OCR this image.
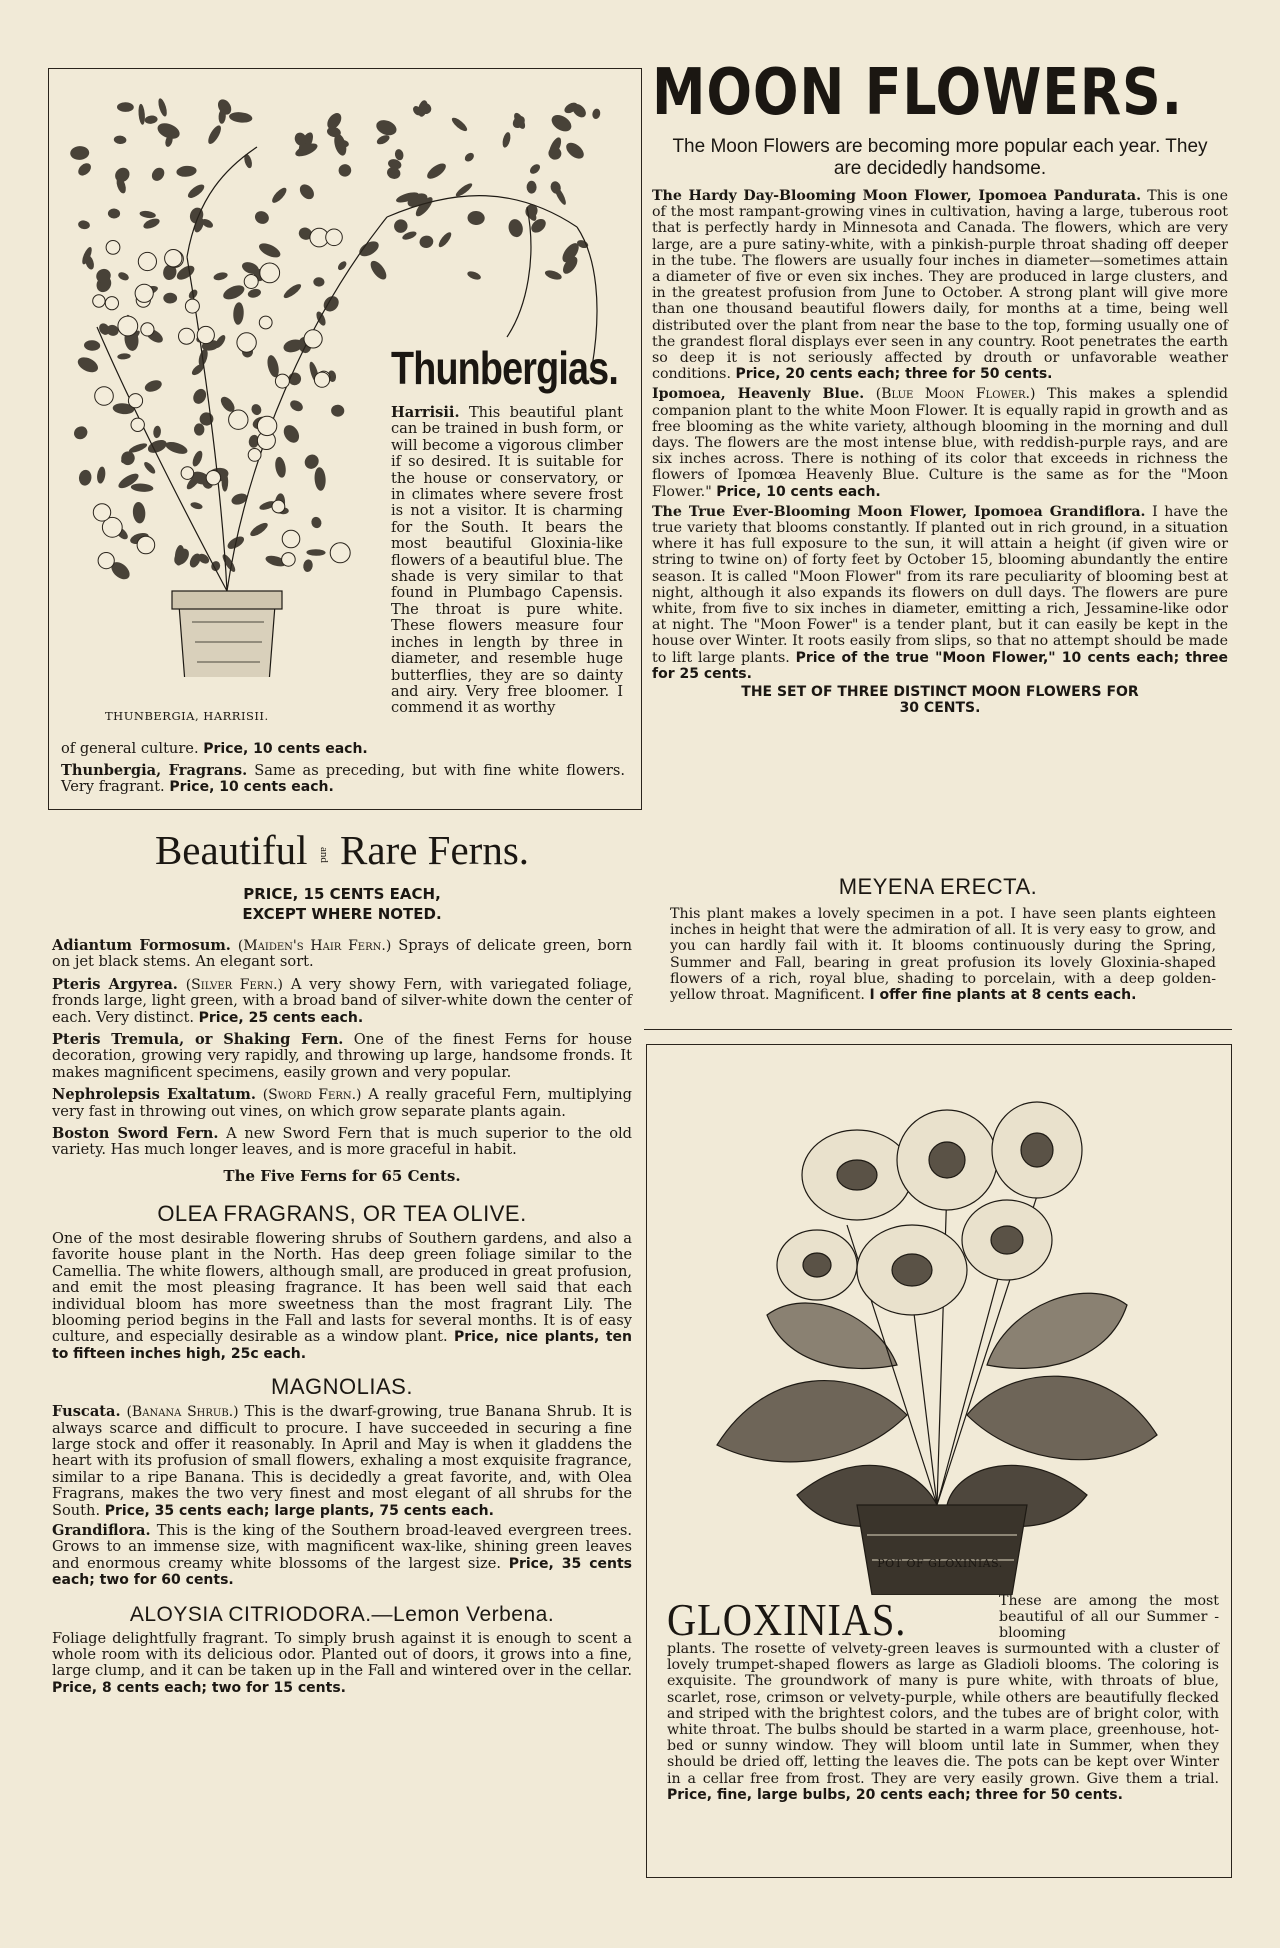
Thunbergias.

Harrisii. This beautiful plant can be trained in bush form, or will become a vigorous climber if so desired. It is suitable for the house or conservatory, or in climates where severe frost is not a visitor. It is charming for the South. It bears the most beautiful Gloxinia-like flowers of a beautiful blue. The shade is very similar to that found in Plumbago Capensis. The throat is pure white. These flowers measure four inches in length by three in diameter, and resemble huge butterflies, they are so dainty and airy. Very free bloomer. I commend it as worthy

THUNBERGIA, HARRISII.

of general culture. Price, 10 cents each.

Thunbergia, Fragrans. Same as preceding, but with fine white flowers. Very fragrant. Price, 10 cents each.

Beautiful and Rare Ferns.
PRICE, 15 CENTS EACH,
EXCEPT WHERE NOTED.

Adiantum Formosum. (Maiden's Hair Fern.) Sprays of delicate green, born on jet black stems. An elegant sort.

Pteris Argyrea. (Silver Fern.) A very showy Fern, with variegated foliage, fronds large, light green, with a broad band of silver-white down the center of each. Very distinct. Price, 25 cents each.

Pteris Tremula, or Shaking Fern. One of the finest Ferns for house decoration, growing very rapidly, and throwing up large, handsome fronds. It makes magnificent specimens, easily grown and very popular.

Nephrolepsis Exaltatum. (Sword Fern.) A really graceful Fern, multiplying very fast in throwing out vines, on which grow separate plants again.

Boston Sword Fern. A new Sword Fern that is much superior to the old variety. Has much longer leaves, and is more graceful in habit.

The Five Ferns for 65 Cents.
OLEA FRAGRANS, OR TEA OLIVE.

One of the most desirable flowering shrubs of Southern gardens, and also a favorite house plant in the North. Has deep green foliage similar to the Camellia. The white flowers, although small, are produced in great profusion, and emit the most pleasing fragrance. It has been well said that each individual bloom has more sweetness than the most fragrant Lily. The blooming period begins in the Fall and lasts for several months. It is of easy culture, and especially desirable as a window plant. Price, nice plants, ten to fifteen inches high, 25c each.

MAGNOLIAS.

Fuscata. (Banana Shrub.) This is the dwarf-growing, true Banana Shrub. It is always scarce and difficult to procure. I have succeeded in securing a fine large stock and offer it reasonably. In April and May is when it gladdens the heart with its profusion of small flowers, exhaling a most exquisite fragrance, similar to a ripe Banana. This is decidedly a great favorite, and, with Olea Fragrans, makes the two very finest and most elegant of all shrubs for the South. Price, 35 cents each; large plants, 75 cents each.

Grandiflora. This is the king of the Southern broad-leaved evergreen trees. Grows to an immense size, with magnificent wax-like, shining green leaves and enormous creamy white blossoms of the largest size. Price, 35 cents each; two for 60 cents.

ALOYSIA CITRIODORA.—Lemon Verbena.

Foliage delightfully fragrant. To simply brush against it is enough to scent a whole room with its delicious odor. Planted out of doors, it grows into a fine, large clump, and it can be taken up in the Fall and wintered over in the cellar. Price, 8 cents each; two for 15 cents.

MOON FLOWERS.
The Moon Flowers are becoming more popular each year. They are decidedly handsome.

The Hardy Day-Blooming Moon Flower, Ipomoea Pandurata. This is one of the most rampant-growing vines in cultivation, having a large, tuberous root that is perfectly hardy in Minnesota and Canada. The flowers, which are very large, are a pure satiny-white, with a pinkish-purple throat shading off deeper in the tube. The flowers are usually four inches in diameter—sometimes attain a diameter of five or even six inches. They are produced in large clusters, and in the greatest profusion from June to October. A strong plant will give more than one thousand beautiful flowers daily, for months at a time, being well distributed over the plant from near the base to the top, forming usually one of the grandest floral displays ever seen in any country. Root penetrates the earth so deep it is not seriously affected by drouth or unfavorable weather conditions. Price, 20 cents each; three for 50 cents.

Ipomoea, Heavenly Blue. (Blue Moon Flower.) This makes a splendid companion plant to the white Moon Flower. It is equally rapid in growth and as free blooming as the white variety, although blooming in the morning and dull days. The flowers are the most intense blue, with reddish-purple rays, and are six inches across. There is nothing of its color that exceeds in richness the flowers of Ipomœa Heavenly Blue. Culture is the same as for the "Moon Flower." Price, 10 cents each.

The True Ever-Blooming Moon Flower, Ipomoea Grandiflora. I have the true variety that blooms constantly. If planted out in rich ground, in a situation where it has full exposure to the sun, it will attain a height (if given wire or string to twine on) of forty feet by October 15, blooming abundantly the entire season. It is called "Moon Flower" from its rare peculiarity of blooming best at night, although it also expands its flowers on dull days. The flowers are pure white, from five to six inches in diameter, emitting a rich, Jessamine-like odor at night. The "Moon Fower" is a tender plant, but it can easily be kept in the house over Winter. It roots easily from slips, so that no attempt should be made to lift large plants. Price of the true "Moon Flower," 10 cents each; three for 25 cents.

THE SET OF THREE DISTINCT MOON FLOWERS FOR
30 CENTS.
MEYENA ERECTA.

This plant makes a lovely specimen in a pot. I have seen plants eighteen inches in height that were the admiration of all. It is very easy to grow, and you can hardly fail with it. It blooms continuously during the Spring, Summer and Fall, bearing in great profusion its lovely Gloxinia-shaped flowers of a rich, royal blue, shading to porcelain, with a deep golden-yellow throat. Magnificent. I offer fine plants at 8 cents each.

POT OF GLOXINIAS.
GLOXINIAS.	These are among the most beautiful of all our Summer - blooming

plants. The rosette of velvety-green leaves is surmounted with a cluster of lovely trumpet-shaped flowers as large as Gladioli blooms. The coloring is exquisite. The groundwork of many is pure white, with throats of blue, scarlet, rose, crimson or velvety-purple, while others are beautifully flecked and striped with the brightest colors, and the tubes are of bright color, with white throat. The bulbs should be started in a warm place, greenhouse, hot-bed or sunny window. They will bloom until late in Summer, when they should be dried off, letting the leaves die. The pots can be kept over Winter in a cellar free from frost. They are very easily grown. Give them a trial. Price, fine, large bulbs, 20 cents each; three for 50 cents.
